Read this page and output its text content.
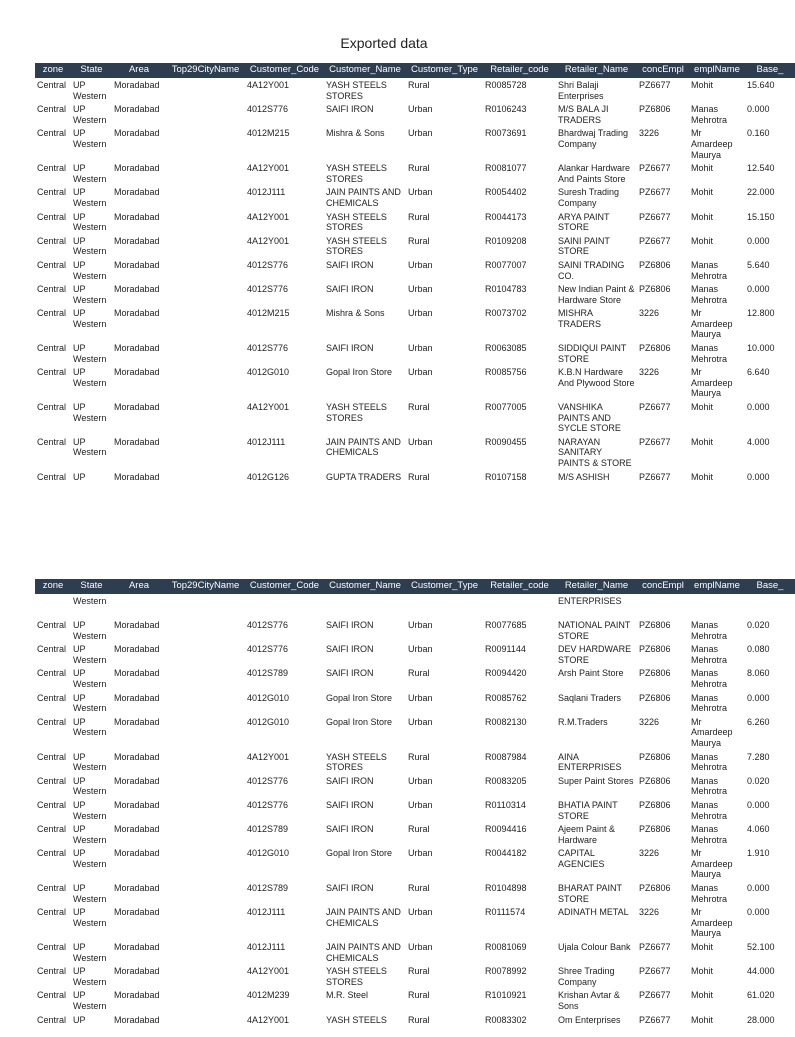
Exported data
zone	State	Area	Top29CityName	Customer_Code	Customer_Name	Customer_Type	Retailer_code	Retailer_Name	concEmpl	emplName	Base_
Central	UP Western	Moradabad		4A12Y001	YASH STEELS STORES	Rural	R0085728	Shri Balaji Enterprises	PZ6677	Mohit	15.640
Central	UP Western	Moradabad		4012S776	SAIFI IRON	Urban	R0106243	M/S BALA JI TRADERS	PZ6806	Manas Mehrotra	0.000
Central	UP Western	Moradabad		4012M215	Mishra & Sons	Urban	R0073691	Bhardwaj Trading Company	3226	Mr Amardeep Maurya	0.160
Central	UP Western	Moradabad		4A12Y001	YASH STEELS STORES	Rural	R0081077	Alankar Hardware And Paints Store	PZ6677	Mohit	12.540
Central	UP Western	Moradabad		4012J111	JAIN PAINTS AND CHEMICALS	Urban	R0054402	Suresh Trading Company	PZ6677	Mohit	22.000
Central	UP Western	Moradabad		4A12Y001	YASH STEELS STORES	Rural	R0044173	ARYA PAINT STORE	PZ6677	Mohit	15.150
Central	UP Western	Moradabad		4A12Y001	YASH STEELS STORES	Rural	R0109208	SAINI PAINT STORE	PZ6677	Mohit	0.000
Central	UP Western	Moradabad		4012S776	SAIFI IRON	Urban	R0077007	SAINI TRADING CO.	PZ6806	Manas Mehrotra	5.640
Central	UP Western	Moradabad		4012S776	SAIFI IRON	Urban	R0104783	New Indian Paint & Hardware Store	PZ6806	Manas Mehrotra	0.000
Central	UP Western	Moradabad		4012M215	Mishra & Sons	Urban	R0073702	MISHRA TRADERS	3226	Mr Amardeep Maurya	12.800
Central	UP Western	Moradabad		4012S776	SAIFI IRON	Urban	R0063085	SIDDIQUI PAINT STORE	PZ6806	Manas Mehrotra	10.000
Central	UP Western	Moradabad		4012G010	Gopal Iron Store	Urban	R0085756	K.B.N Hardware And Plywood Store	3226	Mr Amardeep Maurya	6.640
Central	UP Western	Moradabad		4A12Y001	YASH STEELS STORES	Rural	R0077005	VANSHIKA PAINTS AND SYCLE STORE	PZ6677	Mohit	0.000
Central	UP Western	Moradabad		4012J111	JAIN PAINTS AND CHEMICALS	Urban	R0090455	NARAYAN SANITARY PAINTS & STORE	PZ6677	Mohit	4.000
Central	UP	Moradabad		4012G126	GUPTA TRADERS	Rural	R0107158	M/S ASHISH	PZ6677	Mohit	0.000
zone	State	Area	Top29CityName	Customer_Code	Customer_Name	Customer_Type	Retailer_code	Retailer_Name	concEmpl	emplName	Base_
	Western							ENTERPRISES			
Central	UP Western	Moradabad		4012S776	SAIFI IRON	Urban	R0077685	NATIONAL PAINT STORE	PZ6806	Manas Mehrotra	0.020
Central	UP Western	Moradabad		4012S776	SAIFI IRON	Urban	R0091144	DEV HARDWARE STORE	PZ6806	Manas Mehrotra	0.080
Central	UP Western	Moradabad		4012S789	SAIFI IRON	Rural	R0094420	Arsh Paint Store	PZ6806	Manas Mehrotra	8.060
Central	UP Western	Moradabad		4012G010	Gopal Iron Store	Urban	R0085762	Saqlani Traders	PZ6806	Manas Mehrotra	0.000
Central	UP Western	Moradabad		4012G010	Gopal Iron Store	Urban	R0082130	R.M.Traders	3226	Mr Amardeep Maurya	6.260
Central	UP Western	Moradabad		4A12Y001	YASH STEELS STORES	Rural	R0087984	AINA ENTERPRISES	PZ6806	Manas Mehrotra	7.280
Central	UP Western	Moradabad		4012S776	SAIFI IRON	Urban	R0083205	Super Paint Stores	PZ6806	Manas Mehrotra	0.020
Central	UP Western	Moradabad		4012S776	SAIFI IRON	Urban	R0110314	BHATIA PAINT STORE	PZ6806	Manas Mehrotra	0.000
Central	UP Western	Moradabad		4012S789	SAIFI IRON	Rural	R0094416	Ajeem Paint & Hardware	PZ6806	Manas Mehrotra	4.060
Central	UP Western	Moradabad		4012G010	Gopal Iron Store	Urban	R0044182	CAPITAL AGENCIES	3226	Mr Amardeep Maurya	1.910
Central	UP Western	Moradabad		4012S789	SAIFI IRON	Rural	R0104898	BHARAT PAINT STORE	PZ6806	Manas Mehrotra	0.000
Central	UP Western	Moradabad		4012J111	JAIN PAINTS AND CHEMICALS	Urban	R0111574	ADINATH METAL	3226	Mr Amardeep Maurya	0.000
Central	UP Western	Moradabad		4012J111	JAIN PAINTS AND CHEMICALS	Urban	R0081069	Ujala Colour Bank	PZ6677	Mohit	52.100
Central	UP Western	Moradabad		4A12Y001	YASH STEELS STORES	Rural	R0078992	Shree Trading Company	PZ6677	Mohit	44.000
Central	UP Western	Moradabad		4012M239	M.R. Steel	Rural	R1010921	Krishan Avtar & Sons	PZ6677	Mohit	61.020
Central	UP	Moradabad		4A12Y001	YASH STEELS	Rural	R0083302	Om Enterprises	PZ6677	Mohit	28.000
